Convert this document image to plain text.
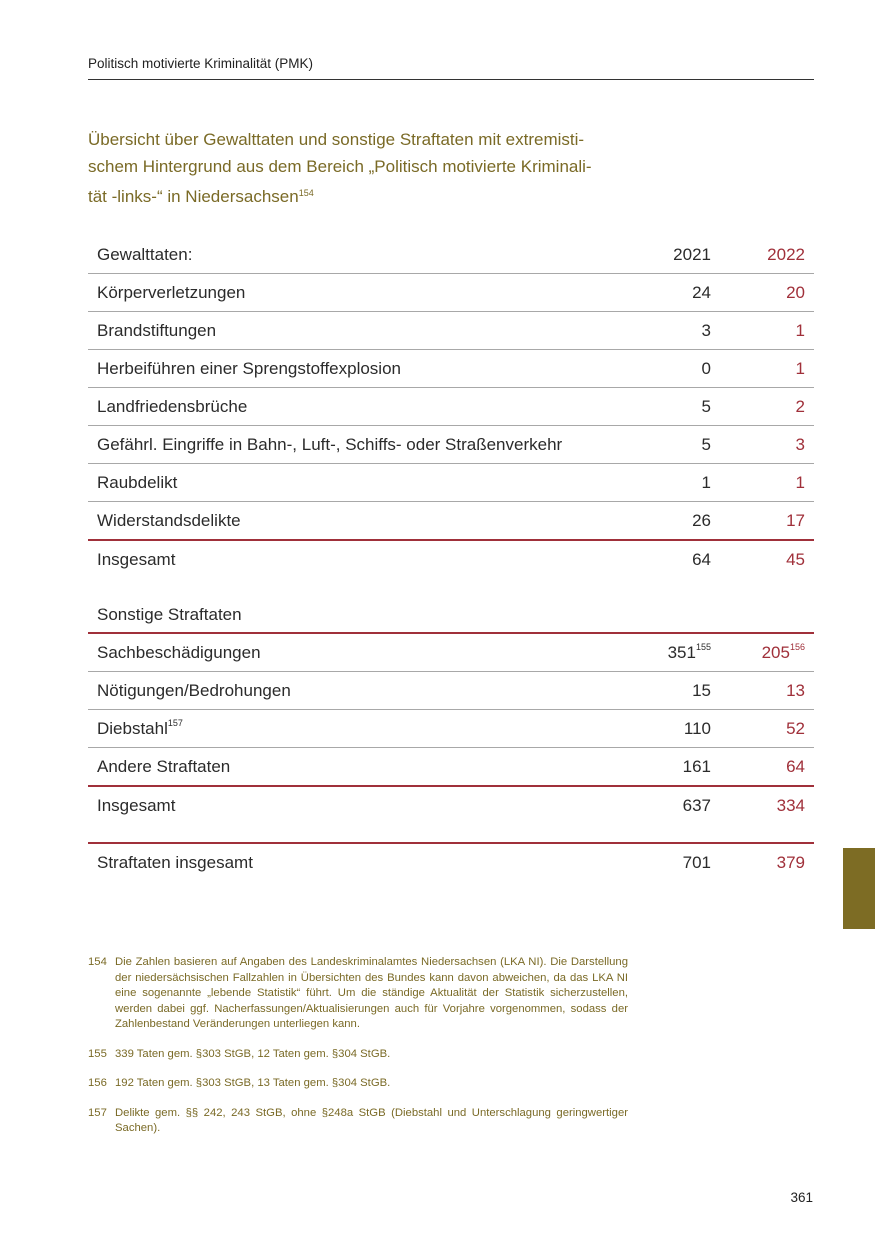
Politisch motivierte Kriminalität (PMK)
Übersicht über Gewalttaten und sonstige Straftaten mit extremisti-
schem Hintergrund aus dem Bereich „Politisch motivierte Kriminali-
tät -links-“ in Niedersachsen$^{154}$
Gewalttaten:	2021	2022
Körperverletzungen	24	20
Brandstiftungen	3	1
Herbeiführen einer Sprengstoffexplosion	0	1
Landfriedensbrüche	5	2
Gefährl. Eingriffe in Bahn-, Luft-, Schiffs- oder Straßenverkehr	5	3
Raubdelikt	1	1
Widerstandsdelikte	26	17
Insgesamt	64	45
Sonstige Straftaten
Sachbeschädigungen	$351^{155}$	$205^{156}$
Nötigungen/Bedrohungen	15	13
Diebstahl$^{157}$	110	52
Andere Straftaten	161	64
Insgesamt	637	334
Straftaten insgesamt	701	379
154 Die Zahlen basieren auf Angaben des Landeskriminalamtes Niedersachsen (LKA NI). Die Darstellung der niedersächsischen Fallzahlen in Übersichten des Bundes kann davon abweichen, da das LKA NI eine sogenannte „lebende Statistik“ führt. Um die ständige Aktualität der Statistik sicherzustellen, werden dabei ggf. Nacherfassungen/Aktualisierungen auch für Vorjahre vorgenommen, sodass der Zahlenbestand Veränderungen unterliegen kann.
155 339 Taten gem. §303 StGB, 12 Taten gem. §304 StGB.
156 192 Taten gem. §303 StGB, 13 Taten gem. §304 StGB.
157 Delikte gem. §§ 242, 243 StGB, ohne §248a StGB (Diebstahl und Unterschlagung geringwertiger Sachen).
361
